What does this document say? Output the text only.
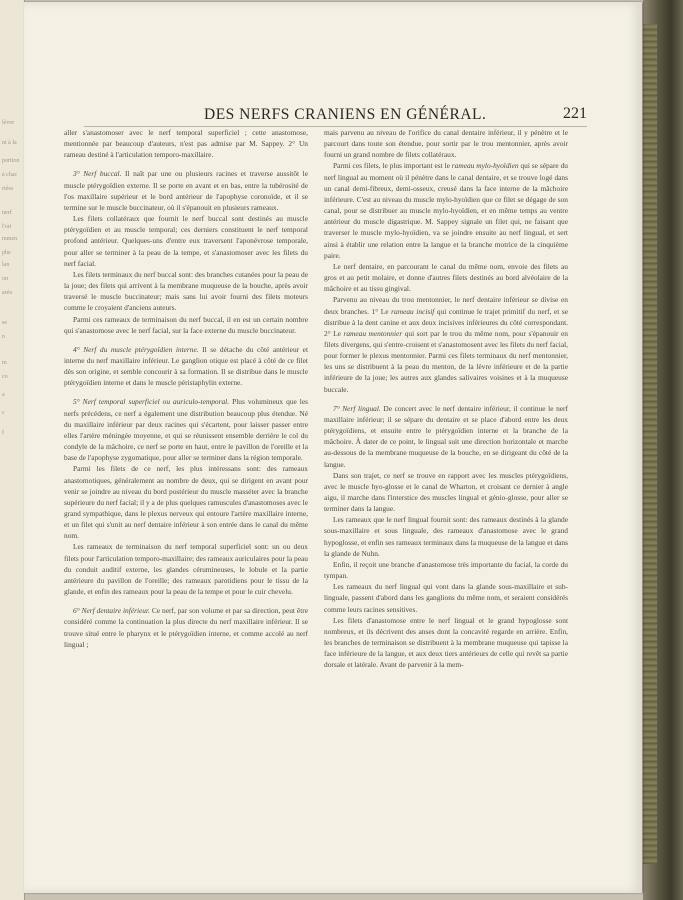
lèvre
nt à la
portion
à chac
rtées
nerf
l'ori
mmen
phe
lan
on
aréo
se
n
m
co
a
c
f
DES NERFS CRANIENS EN GÉNÉRAL.	221

aller s'anastomoser avec le nerf temporal superficiel ; cette anastomose, mentionnée par beaucoup d'auteurs, n'est pas admise par M. Sappey. 2° Un rameau destiné à l'articulation temporo-maxillaire.

3° Nerf buccal. Il naît par une ou plusieurs racines et traverse aussitôt le muscle ptérygoïdien externe. Il se porte en avant et en bas, entre la tubérosité de l'os maxillaire supérieur et le bord antérieur de l'apophyse coronoïde, et il se termine sur le muscle buccinateur, où il s'épanouit en plusieurs rameaux.

Les filets collatéraux que fournit le nerf buccal sont destinés au muscle ptérygoïdien et au muscle temporal; ces derniers constituent le nerf temporal profond antérieur. Quelques-uns d'entre eux traversent l'aponévrose temporale, pour aller se terminer à la peau de la tempe, et s'anastomoser avec les filets du nerf facial.

Les filets terminaux du nerf buccal sont: des branches cutanées pour la peau de la joue; des filets qui arrivent à la membrane muqueuse de la bouche, après avoir traversé le muscle buccinateur; mais sans lui avoir fourni des filets moteurs comme le croyaient d'anciens auteurs.

Parmi ces rameaux de terminaison du nerf buccal, il en est un certain nombre qui s'anastomose avec le nerf facial, sur la face externe du muscle buccinateur.

4° Nerf du muscle ptérygoïdien interne. Il se détache du côté antérieur et interne du nerf maxillaire inférieur. Le ganglion otique est placé à côté de ce filet dès son origine, et semble concourir à sa formation. Il se distribue dans le muscle ptérygoïdien interne et dans le muscle péristaphylin externe.

5° Nerf temporal superficiel ou auriculo-temporal. Plus volumineux que les nerfs précédens, ce nerf a également une distribution beaucoup plus étendue. Né du maxillaire inférieur par deux racines qui s'écartent, pour laisser passer entre elles l'artère méningée moyenne, et qui se réunissent ensemble derrière le col du condyle de la mâchoire, ce nerf se porte en haut, entre le pavillon de l'oreille et la base de l'apophyse zygomatique, pour aller se terminer dans la région temporale.

Parmi les filets de ce nerf, les plus intéressans sont: des rameaux anastomotiques, généralement au nombre de deux, qui se dirigent en avant pour venir se joindre au niveau du bord postérieur du muscle masséter avec la branche supérieure du nerf facial; il y a de plus quelques ramuscules d'anastomoses avec le grand sympathique, dans le plexus nerveux qui entoure l'artère maxillaire interne, et un filet qui s'unit au nerf dentaire inférieur à son entrée dans le canal du même nom.

Les rameaux de terminaison du nerf temporal superficiel sont: un ou deux filets pour l'articulation temporo-maxillaire; des rameaux auriculaires pour la peau du conduit auditif externe, les glandes cérumineuses, le lobule et la partie antérieure du pavillon de l'oreille; des rameaux parotidiens pour le tissu de la glande, et enfin des rameaux pour la peau de la tempe et pour le cuir chevelu.

6° Nerf dentaire inférieur. Ce nerf, par son volume et par sa direction, peut être considéré comme la continuation la plus directe du nerf maxillaire inférieur. Il se trouve situé entre le pharynx et le ptérygoïdien interne, et comme accolé au nerf lingual ;

mais parvenu au niveau de l'orifice du canal dentaire inférieur, il y pénètre et le parcourt dans toute son étendue, pour sortir par le trou mentonnier, après avoir fourni un grand nombre de filets collatéraux.

Parmi ces filets, le plus important est le rameau mylo-hyoïdien qui se sépare du nerf lingual au moment où il pénètre dans le canal dentaire, et se trouve logé dans un canal demi-fibreux, demi-osseux, creusé dans la face interne de la mâchoire inférieure. C'est au niveau du muscle mylo-hyoïdien que ce filet se dégage de son canal, pour se distribuer au muscle mylo-hyoïdien, et en même temps au ventre antérieur du muscle digastrique. M. Sappey signale un filet qui, ne faisant que traverser le muscle mylo-hyoïdien, va se joindre ensuite au nerf lingual, et sert ainsi à établir une relation entre la langue et la branche motrice de la cinquième paire.

Le nerf dentaire, en parcourant le canal du même nom, envoie des filets au gros et au petit molaire, et donne d'autres filets destinés au bord alvéolaire de la mâchoire et au tissu gingival.

Parvenu au niveau du trou mentonnier, le nerf dentaire inférieur se divise en deux branches. 1° Le rameau incisif qui continue le trajet primitif du nerf, et se distribue à la dent canine et aux deux incisives inférieures du côté correspondant. 2° Le rameau mentonnier qui sort par le trou du même nom, pour s'épanouir en filets divergens, qui s'entre-croisent et s'anastomosent avec les filets du nerf facial, pour former le plexus mentonnier. Parmi ces filets terminaux du nerf mentonnier, les uns se distribuent à la peau du menton, de la lèvre inférieure et de la partie inférieure de la joue; les autres aux glandes salivaires voisines et à la muqueuse buccale.

7° Nerf lingual. De concert avec le nerf dentaire inférieur, il continue le nerf maxillaire inférieur; il se sépare du dentaire et se place d'abord entre les deux ptérygoïdiens, et ensuite entre le ptérygoïdien interne et la branche de la mâchoire. À dater de ce point, le lingual suit une direction horizontale et marche au-dessous de la membrane muqueuse de la bouche, en se dirigeant du côté de la langue.

Dans son trajet, ce nerf se trouve en rapport avec les muscles ptérygoïdiens, avec le muscle hyo-glosse et le canal de Wharton, et croisant ce dernier à angle aigu, il marche dans l'interstice des muscles lingual et génio-glosse, pour aller se terminer dans la langue.

Les rameaux que le nerf lingual fournit sont: des rameaux destinés à la glande sous-maxillaire et sous linguale, des rameaux d'anastomose avec le grand hypoglosse, et enfin ses rameaux terminaux dans la muqueuse de la langue et dans la glande de Nuhn.

Enfin, il reçoit une branche d'anastomose très importante du facial, la corde du tympan.

Les rameaux du nerf lingual qui vont dans la glande sous-maxillaire et sub-linguale, passent d'abord dans les ganglions du même nom, et seraient considérés comme leurs racines sensitives.

Les filets d'anastomose entre le nerf lingual et le grand hypoglosse sont nombreux, et ils décrivent des anses dont la concavité regarde en arrière. Enfin, les branches de terminaison se distribuent à la membrane muqueuse qui tapisse la face inférieure de la langue, et aux deux tiers antérieurs de celle qui revêt sa partie dorsale et latérale. Avant de parvenir à la mem-
